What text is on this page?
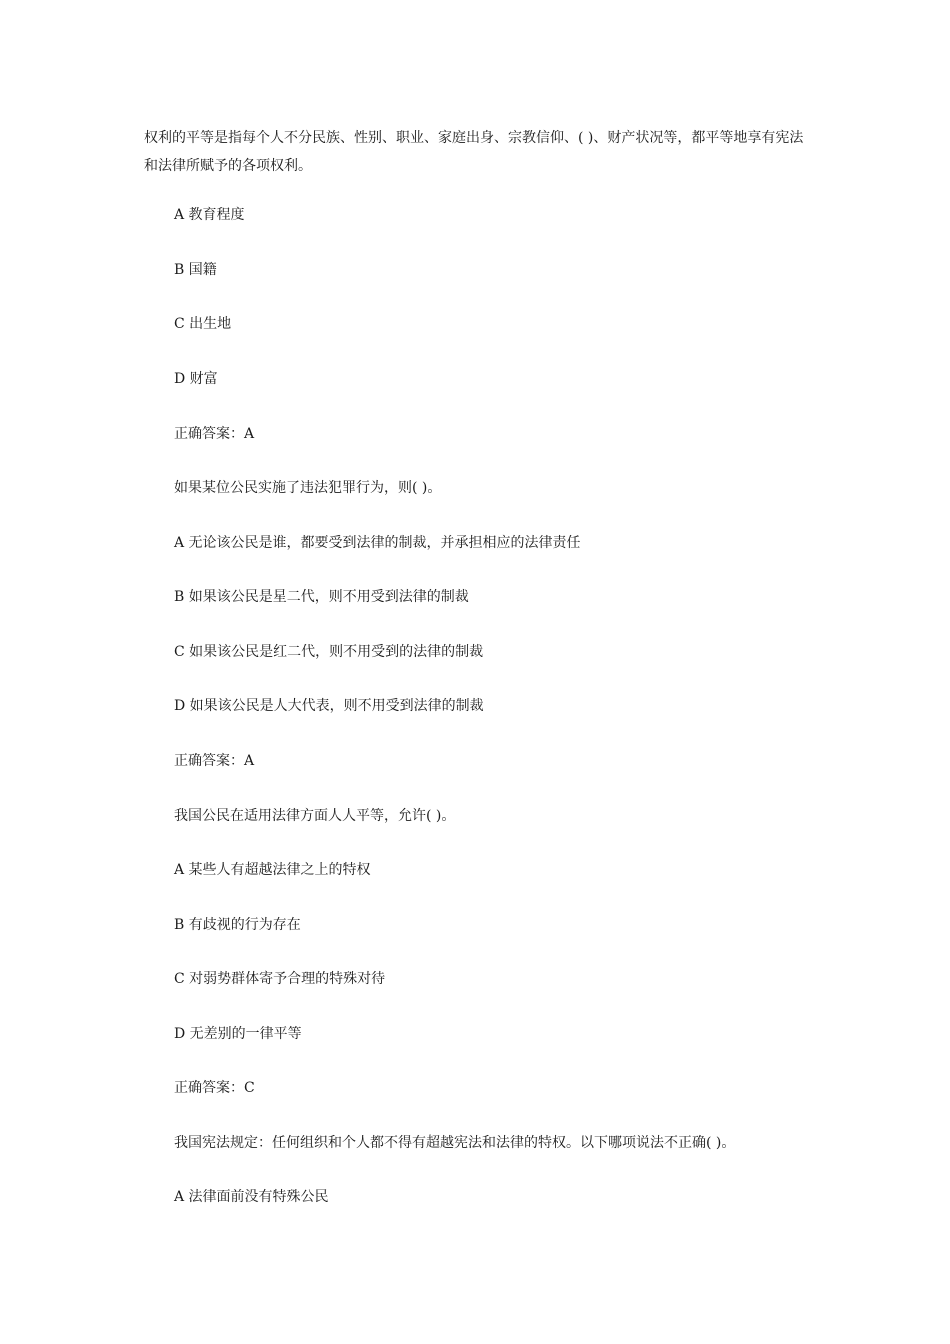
权利的平等是指每个人不分民族、性别、职业、家庭出身、宗教信仰、( )、财产状况等，都平等地享有宪法和法律所赋予的各项权利。

A 教育程度

B 国籍

C 出生地

D 财富

正确答案：A

如果某位公民实施了违法犯罪行为，则( )。

A 无论该公民是谁，都要受到法律的制裁，并承担相应的法律责任

B 如果该公民是星二代，则不用受到法律的制裁

C 如果该公民是红二代，则不用受到的法律的制裁

D 如果该公民是人大代表，则不用受到法律的制裁

正确答案：A

我国公民在适用法律方面人人平等，允许( )。

A 某些人有超越法律之上的特权

B 有歧视的行为存在

C 对弱势群体寄予合理的特殊对待

D 无差别的一律平等

正确答案：C

我国宪法规定：任何组织和个人都不得有超越宪法和法律的特权。以下哪项说法不正确( )。

A 法律面前没有特殊公民
